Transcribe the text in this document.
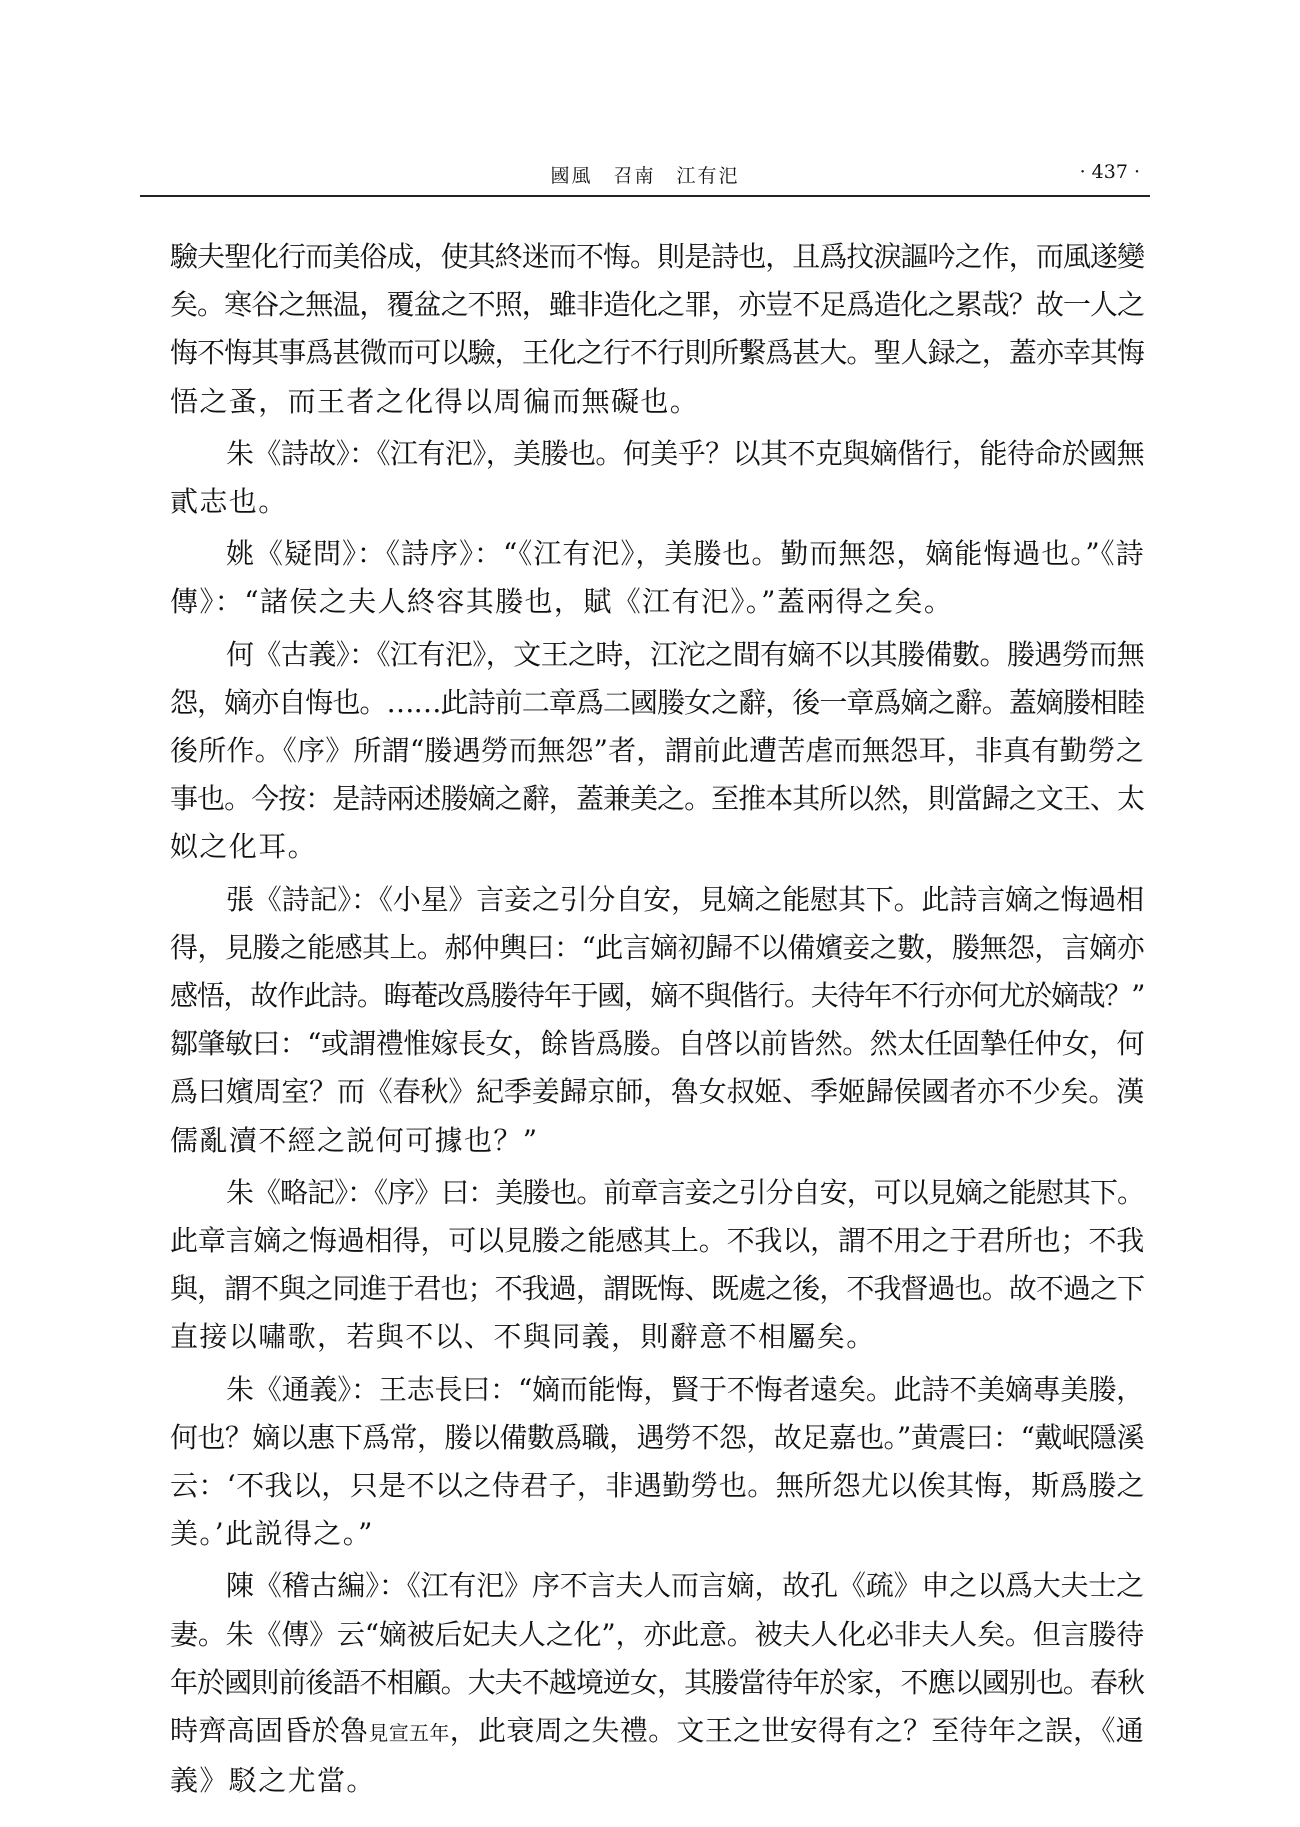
國風　召南　江有汜	· 437 ·
驗夫聖化行而美俗成，使其終迷而不悔。則是詩也，且爲抆淚謳吟之作，而風遂變
矣。寒谷之無温，覆盆之不照，雖非造化之罪，亦豈不足爲造化之累哉？故一人之
悔不悔其事爲甚微而可以驗，王化之行不行則所繫爲甚大。聖人録之，蓋亦幸其悔
悟之蚤，而王者之化得以周徧而無礙也。
朱《詩故》：《江有汜》，美媵也。何美乎？以其不克與嫡偕行，能待命於國無
貳志也。
姚《疑問》：《詩序》：“《江有汜》，美媵也。勤而無怨，嫡能悔過也。”《詩
傳》：“諸侯之夫人終容其媵也，賦《江有汜》。”蓋兩得之矣。
何《古義》：《江有汜》，文王之時，江沱之間有嫡不以其媵備數。媵遇勞而無
怨，嫡亦自悔也。……此詩前二章爲二國媵女之辭，後一章爲嫡之辭。蓋嫡媵相睦
後所作。《序》所謂“媵遇勞而無怨”者，謂前此遭苦虐而無怨耳，非真有勤勞之
事也。今按：是詩兩述媵嫡之辭，蓋兼美之。至推本其所以然，則當歸之文王、太
姒之化耳。
張《詩記》：《小星》言妾之引分自安，見嫡之能慰其下。此詩言嫡之悔過相
得，見媵之能感其上。郝仲輿曰：“此言嫡初歸不以備嬪妾之數，媵無怨，言嫡亦
感悟，故作此詩。晦菴改爲媵待年于國，嫡不與偕行。夫待年不行亦何尤於嫡哉？”
鄒肇敏曰：“或謂禮惟嫁長女，餘皆爲媵。自啓以前皆然。然太任固摯任仲女，何
爲曰嬪周室？而《春秋》紀季姜歸京師，魯女叔姬、季姬歸侯國者亦不少矣。漢
儒亂瀆不經之説何可據也？”
朱《略記》：《序》曰：美媵也。前章言妾之引分自安，可以見嫡之能慰其下。
此章言嫡之悔過相得，可以見媵之能感其上。不我以，謂不用之于君所也；不我
與，謂不與之同進于君也；不我過，謂既悔、既處之後，不我督過也。故不過之下
直接以嘯歌，若與不以、不與同義，則辭意不相屬矣。
朱《通義》：王志長曰：“嫡而能悔，賢于不悔者遠矣。此詩不美嫡專美媵，
何也？嫡以惠下爲常，媵以備數爲職，遇勞不怨，故足嘉也。”黄震曰：“戴岷隱溪
云：‘不我以，只是不以之侍君子，非遇勤勞也。無所怨尤以俟其悔，斯爲媵之
美。’此説得之。”
陳《稽古編》：《江有汜》序不言夫人而言嫡，故孔《疏》申之以爲大夫士之
妻。朱《傳》云“嫡被后妃夫人之化”，亦此意。被夫人化必非夫人矣。但言媵待
年於國則前後語不相顧。大夫不越境逆女，其媵當待年於家，不應以國别也。春秋
時齊高固昏於魯見宣五年，此衰周之失禮。文王之世安得有之？至待年之誤，《通
義》駁之尤當。
